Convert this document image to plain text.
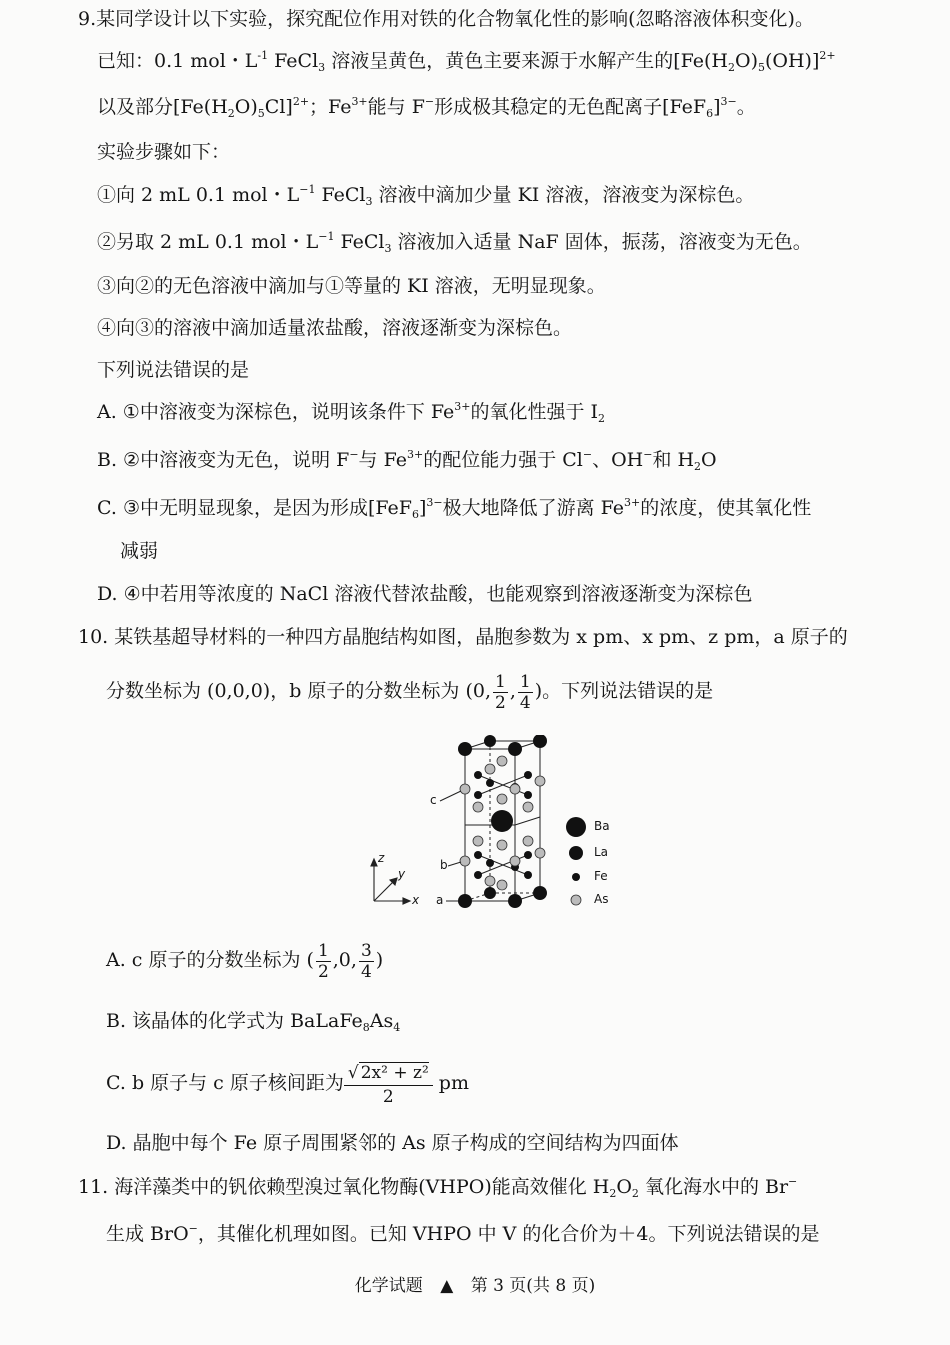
9.某同学设计以下实验，探究配位作用对铁的化合物氧化性的影响(忽略溶液体积变化)。
已知：0.1 mol・$L^{-1}$ FeCl$_3$ 溶液呈黄色，黄色主要来源于水解产生的$[Fe(H_2O)_5(OH)]^{2+}$
以及部分$[Fe(H_2O)_5Cl]^{2+}$；$Fe^{3+}$能与 F−形成极其稳定的无色配离子$[FeF_6]^{3-}$。
实验步骤如下：
①向 2 mL 0.1 mol・$L^{-1}$ FeCl$_3$ 溶液中滴加少量 KI 溶液，溶液变为深棕色。
②另取 2 mL 0.1 mol・$L^{-1}$ FeCl$_3$ 溶液加入适量 NaF 固体，振荡，溶液变为无色。
③向②的无色溶液中滴加与①等量的 KI 溶液，无明显现象。
④向③的溶液中滴加适量浓盐酸，溶液逐渐变为深棕色。
下列说法错误的是
A. ①中溶液变为深棕色，说明该条件下 $Fe^{3+}$的氧化性强于 $I_2$
B. ②中溶液变为无色，说明 F−与 $Fe^{3+}$的配位能力强于 Cl−、OH−和 $H_2O$
C. ③中无明显现象，是因为形成$[FeF_6]^{3-}$极大地降低了游离 $Fe^{3+}$的浓度，使其氧化性
减弱
D. ④中若用等浓度的 NaCl 溶液代替浓盐酸，也能观察到溶液逐渐变为深棕色
10. 某铁基超导材料的一种四方晶胞结构如图，晶胞参数为 x pm、x pm、z pm，a 原子的
分数坐标为 (0,0,0)，b 原子的分数坐标为 (0, $\frac{1}{2}$ , $\frac{1}{4}$ )。下列说法错误的是
c
b
a
z
y
x
Ba
La
Fe
As
A. c 原子的分数坐标为 ( $\frac{1}{2} ,0$, $\frac{3}{4}$ )
B. 该晶体的化学式为 $BaLaFe_8As_4$
C. b 原子与 c 原子核间距为 $\frac{\text{√ 2x² + z²}}{2}$ pm
D. 晶胞中每个 Fe 原子周围紧邻的 As 原子构成的空间结构为四面体
11. 海洋藻类中的钒依赖型溴过氧化物酶(VHPO)能高效催化 $H_2O_2$ 氧化海水中的 Br−
生成 BrO−，其催化机理如图。已知 VHPO 中 V 的化合价为＋4。下列说法错误的是
化学试题 ▲ 第 3 页(共 8 页)
